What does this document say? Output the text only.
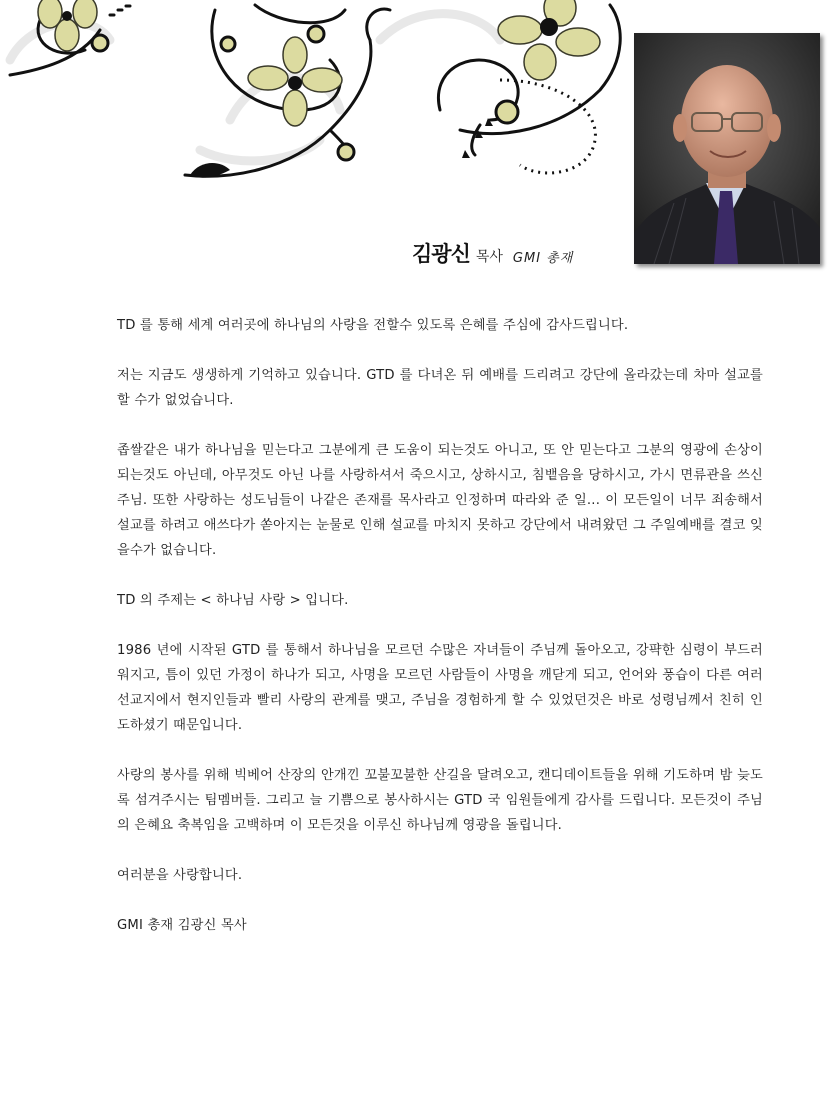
김광신 목사 GMI 총재

TD 를 통해 세계 여러곳에 하나님의 사랑을 전할수 있도록 은혜를 주심에 감사드립니다.

저는 지금도 생생하게 기억하고 있습니다. GTD 를 다녀온 뒤 예배를 드리려고 강단에 올라갔는데 차마 설교를 할 수가 없었습니다.

좁쌀같은 내가 하나님을 믿는다고 그분에게 큰 도움이 되는것도 아니고, 또 안 믿는다고 그분의 영광에 손상이 되는것도 아닌데, 아무것도 아닌 나를 사랑하셔서 죽으시고, 상하시고, 침뱉음을 당하시고, 가시 면류관을 쓰신 주님. 또한 사랑하는 성도님들이 나같은 존재를 목사라고 인정하며 따라와 준 일... 이 모든일이 너무 죄송해서 설교를 하려고 애쓰다가 쏟아지는 눈물로 인해 설교를 마치지 못하고 강단에서 내려왔던 그 주일예배를 결코 잊을수가 없습니다.

TD 의 주제는 < 하나님 사랑 > 입니다.

1986 년에 시작된 GTD 를 통해서 하나님을 모르던 수많은 자녀들이 주님께 돌아오고, 강퍅한 심령이 부드러워지고, 틈이 있던 가정이 하나가 되고, 사명을 모르던 사람들이 사명을 깨닫게 되고, 언어와 풍습이 다른 여러 선교지에서 현지인들과 빨리 사랑의 관계를 맺고, 주님을 경험하게 할 수 있었던것은 바로 성령님께서 친히 인도하셨기 때문입니다.

사랑의 봉사를 위해 빅베어 산장의 안개낀 꼬불꼬불한 산길을 달려오고, 캔디데이트들을 위해 기도하며 밤 늦도록 섬겨주시는 팀멤버들. 그리고 늘 기쁨으로 봉사하시는 GTD 국 임원들에게 감사를 드립니다. 모든것이 주님의 은혜요 축복임을 고백하며 이 모든것을 이루신 하나님께 영광을 돌립니다.

여러분을 사랑합니다.

GMI 총재 김광신 목사
